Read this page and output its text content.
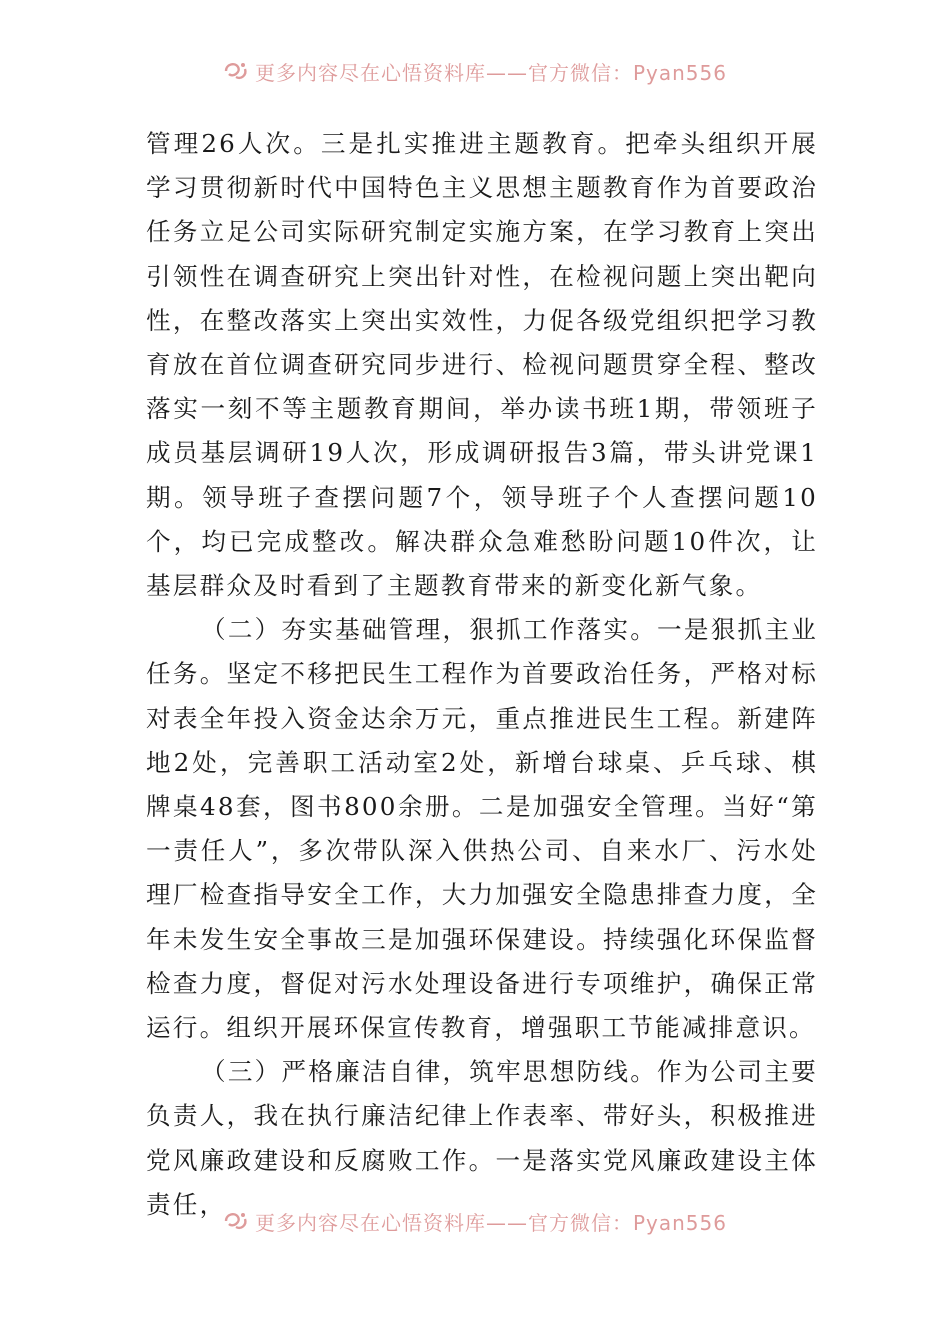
更多内容尽在心悟资料库——官方微信：Pyan556

管理26人次。三是扎实推进主题教育。把牵头组织开展学习贯彻新时代中国特色主义思想主题教育作为首要政治任务立足公司实际研究制定实施方案，在学习教育上突出引领性在调查研究上突出针对性，在检视问题上突出靶向性，在整改落实上突出实效性，力促各级党组织把学习教育放在首位调查研究同步进行、检视问题贯穿全程、整改落实一刻不等主题教育期间，举办读书班1期，带领班子成员基层调研19人次，形成调研报告3篇，带头讲党课1期。领导班子查摆问题7个，领导班子个人查摆问题10个，均已完成整改。解决群众急难愁盼问题10件次，让基层群众及时看到了主题教育带来的新变化新气象。

（二）夯实基础管理，狠抓工作落实。一是狠抓主业任务。坚定不移把民生工程作为首要政治任务，严格对标对表全年投入资金达余万元，重点推进民生工程。新建阵地2处，完善职工活动室2处，新增台球桌、乒乓球、棋牌桌48套，图书800余册。二是加强安全管理。当好“第一责任人”，多次带队深入供热公司、自来水厂、污水处理厂检查指导安全工作，大力加强安全隐患排查力度，全年未发生安全事故三是加强环保建设。持续强化环保监督检查力度，督促对污水处理设备进行专项维护，确保正常运行。组织开展环保宣传教育，增强职工节能减排意识。

（三）严格廉洁自律，筑牢思想防线。作为公司主要负责人，我在执行廉洁纪律上作表率、带好头，积极推进党风廉政建设和反腐败工作。一是落实党风廉政建设主体责任，

更多内容尽在心悟资料库——官方微信：Pyan556
